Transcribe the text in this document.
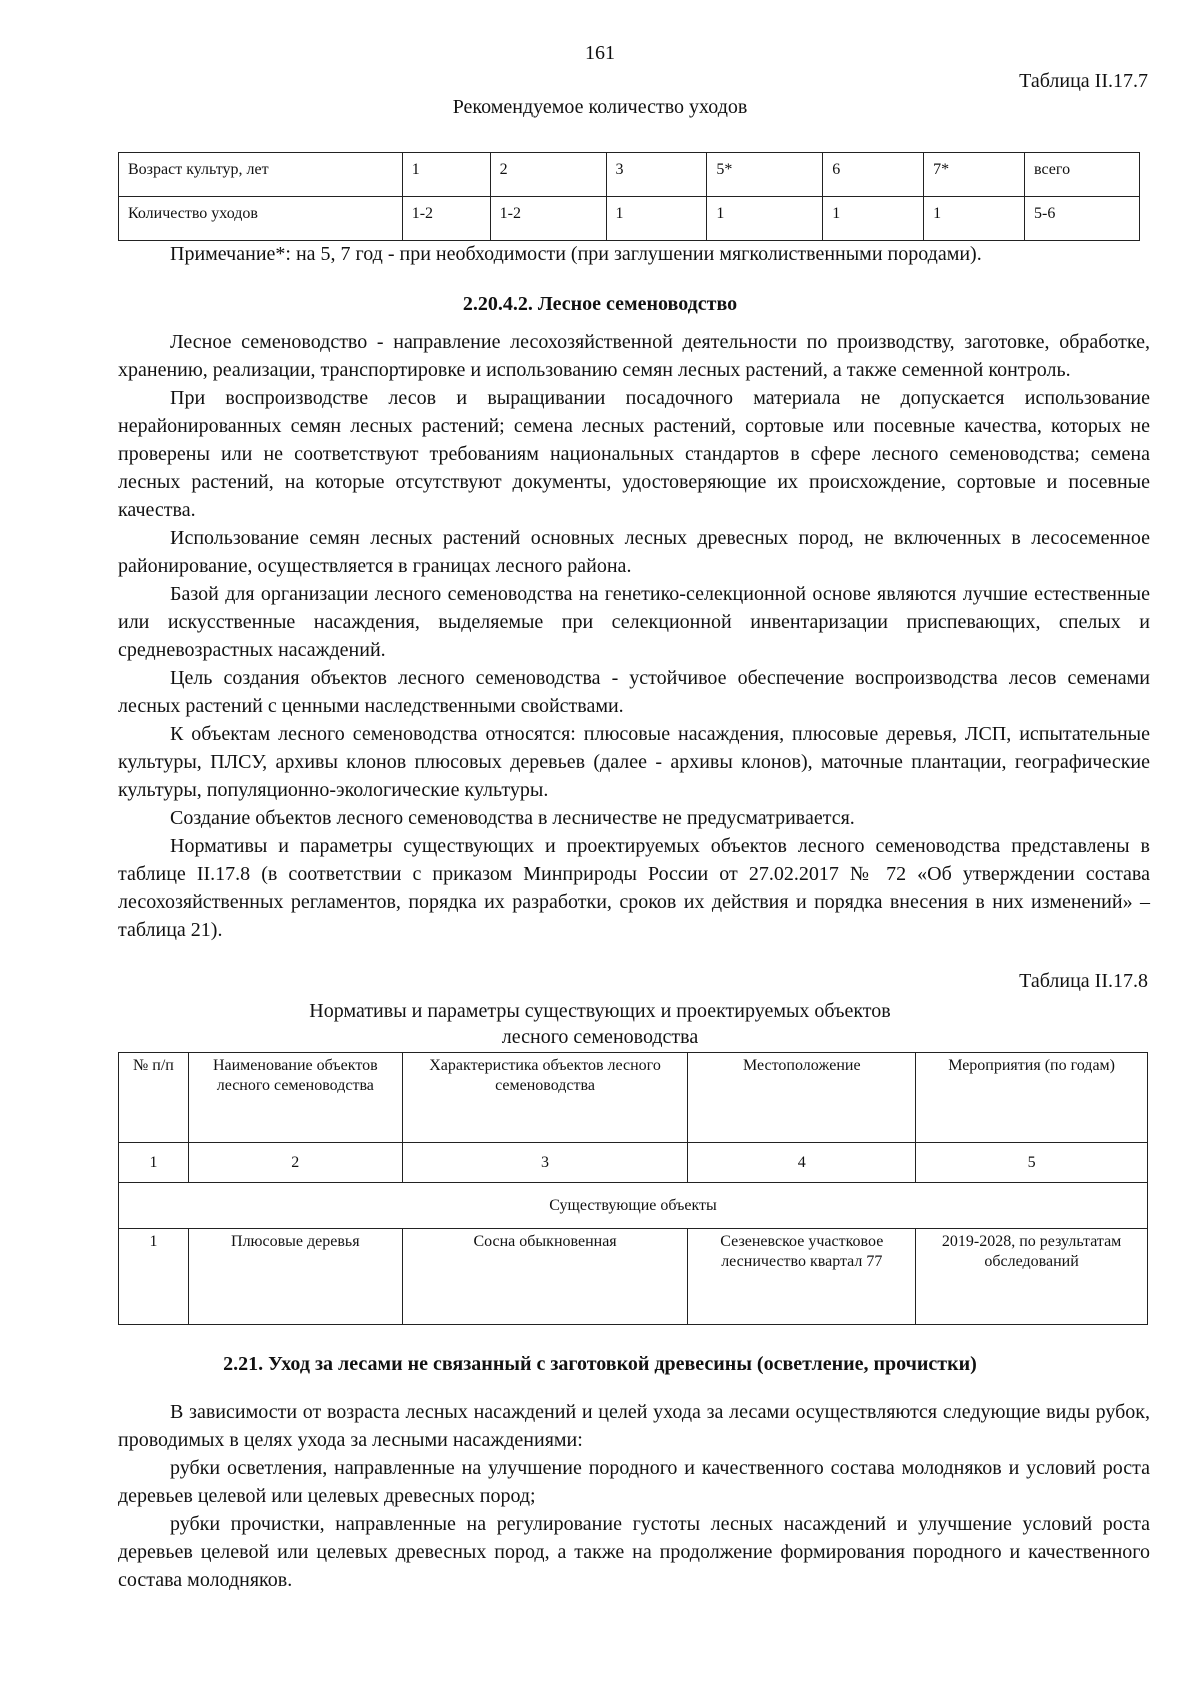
161
Таблица II.17.7
Рекомендуемое количество уходов
Возраст культур, лет	1	2	3	5*	6	7*	всего
Количество уходов	1-2	1-2	1	1	1	1	5-6
Примечание*: на 5, 7 год - при необходимости (при заглушении мягколиственными породами).
2.20.4.2. Лесное семеноводство

Лесное семеноводство - направление лесохозяйственной деятельности по производству, заготовке, обработке, хранению, реализации, транспортировке и использованию семян лесных растений, а также семенной контроль.

При воспроизводстве лесов и выращивании посадочного материала не допускается использование нерайонированных семян лесных растений; семена лесных растений, сортовые или посевные качества, которых не проверены или не соответствуют требованиям национальных стандартов в сфере лесного семеноводства; семена лесных растений, на которые отсутствуют документы, удостоверяющие их происхождение, сортовые и посевные качества.

Использование семян лесных растений основных лесных древесных пород, не включенных в лесосеменное районирование, осуществляется в границах лесного района.

Базой для организации лесного семеноводства на генетико-селекционной основе являются лучшие естественные или искусственные насаждения, выделяемые при селекционной инвентаризации приспевающих, спелых и средневозрастных насаждений.

Цель создания объектов лесного семеноводства - устойчивое обеспечение воспроизводства лесов семенами лесных растений с ценными наследственными свойствами.

К объектам лесного семеноводства относятся: плюсовые насаждения, плюсовые деревья, ЛСП, испытательные культуры, ПЛСУ, архивы клонов плюсовых деревьев (далее - архивы клонов), маточные плантации, географические культуры, популяционно-экологические культуры.

Создание объектов лесного семеноводства в лесничестве не предусматривается.

Нормативы и параметры существующих и проектируемых объектов лесного семеноводства представлены в таблице II.17.8 (в соответствии с приказом Минприроды России от 27.02.2017 № 72 «Об утверждении состава лесохозяйственных регламентов, порядка их разработки, сроков их действия и порядка внесения в них изменений» – таблица 21).

Таблица II.17.8
Нормативы и параметры существующих и проектируемых объектов
лесного семеноводства
№ п/п	Наименование объектов лесного семеноводства	Характеристика объектов лесного семеноводства	Местоположение	Мероприятия (по годам)
1	2	3	4	5
Существующие объекты				
1	Плюсовые деревья	Сосна обыкновенная	Сезеневское участковое лесничество квартал 77	2019-2028, по результатам обследований
2.21. Уход за лесами не связанный с заготовкой древесины (осветление, прочистки)

В зависимости от возраста лесных насаждений и целей ухода за лесами осуществляются следующие виды рубок, проводимых в целях ухода за лесными насаждениями:

рубки осветления, направленные на улучшение породного и качественного состава молодняков и условий роста деревьев целевой или целевых древесных пород;

рубки прочистки, направленные на регулирование густоты лесных насаждений и улучшение условий роста деревьев целевой или целевых древесных пород, а также на продолжение формирования породного и качественного состава молодняков.
